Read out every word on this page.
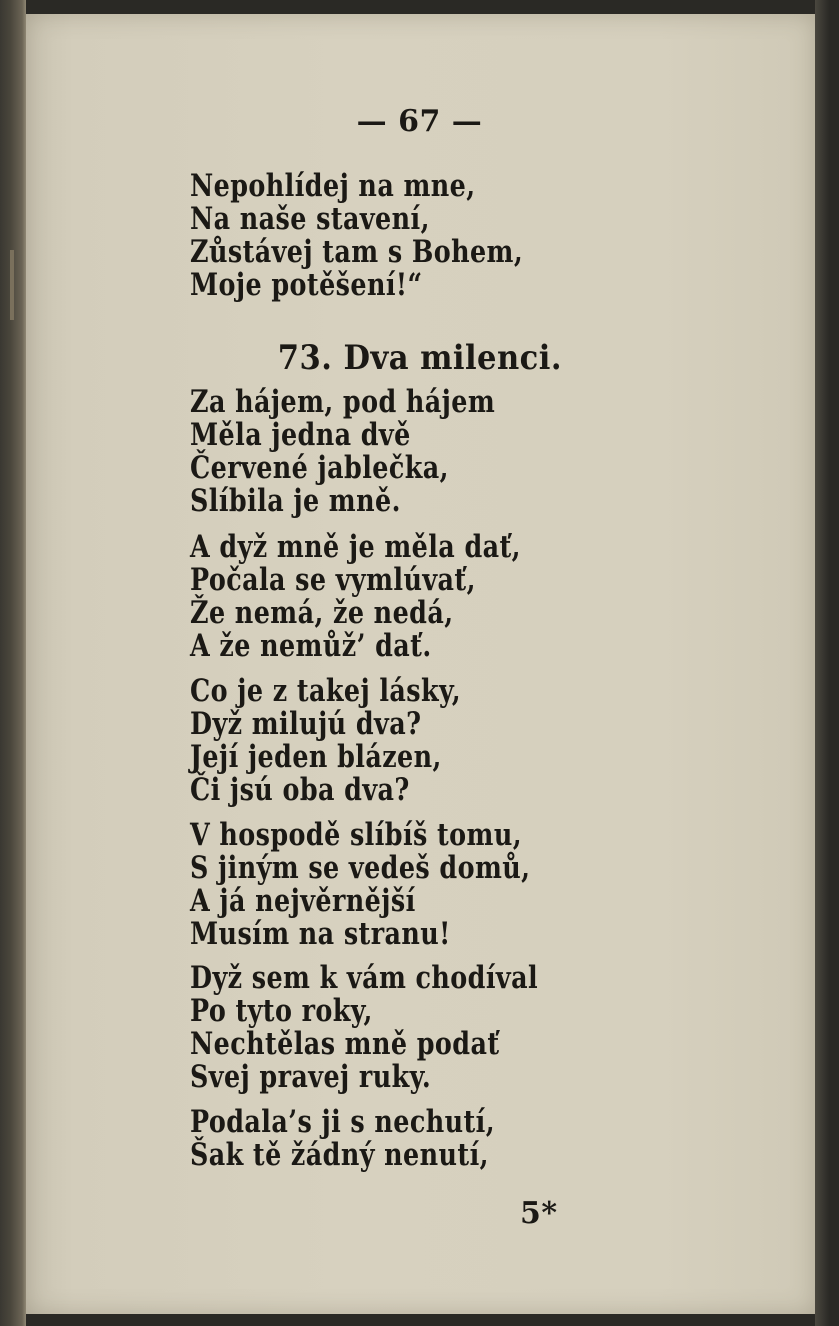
— 67 —
Nepohlídej na mne,
Na naše stavení,
Zůstávej tam s Bohem,
Moje potěšení!“
73. Dva milenci.
Za hájem, pod hájem
Měla jedna dvě
Červené jablečka,
Slíbila je mně.
A dyž mně je měla dať,
Počala se vymlúvať,
Že nemá, že nedá,
A že nemůž’ dať.
Co je z takej lásky,
Dyž milujú dva?
Její jeden blázen,
Či jsú oba dva?
V hospodě slíbíš tomu,
S jiným se vedeš domů,
A já nejvěrnější
Musím na stranu!
Dyž sem k vám chodíval
Po tyto roky,
Nechtělas mně podať
Svej pravej ruky.
Podala’s ji s nechutí,
Šak tě žádný nenutí,
5*
